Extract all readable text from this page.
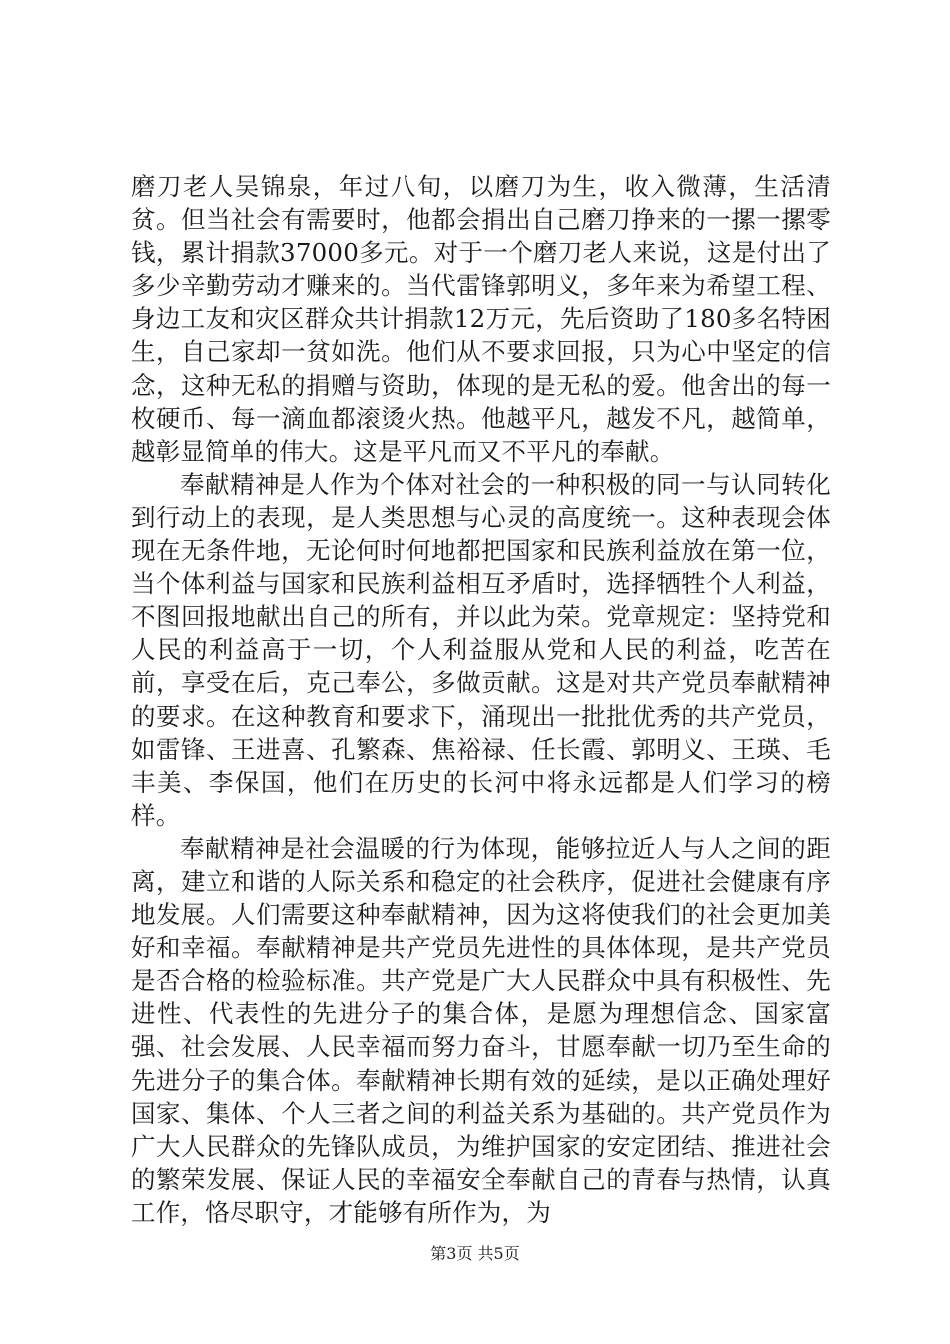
磨刀老人吴锦泉，年过八旬，以磨刀为生，收入微薄，生活清贫。但当社会有需要时，他都会捐出自己磨刀挣来的一摞一摞零钱，累计捐款37000多元。对于一个磨刀老人来说，这是付出了多少辛勤劳动才赚来的。当代雷锋郭明义，多年来为希望工程、身边工友和灾区群众共计捐款12万元，先后资助了180多名特困生，自己家却一贫如洗。他们从不要求回报，只为心中坚定的信念，这种无私的捐赠与资助，体现的是无私的爱。他舍出的每一枚硬币、每一滴血都滚烫火热。他越平凡，越发不凡，越简单，越彰显简单的伟大。这是平凡而又不平凡的奉献。

奉献精神是人作为个体对社会的一种积极的同一与认同转化到行动上的表现，是人类思想与心灵的高度统一。这种表现会体现在无条件地，无论何时何地都把国家和民族利益放在第一位，当个体利益与国家和民族利益相互矛盾时，选择牺牲个人利益，不图回报地献出自己的所有，并以此为荣。党章规定：坚持党和人民的利益高于一切，个人利益服从党和人民的利益，吃苦在前，享受在后，克己奉公，多做贡献。这是对共产党员奉献精神的要求。在这种教育和要求下，涌现出一批批优秀的共产党员，如雷锋、王进喜、孔繁森、焦裕禄、任长霞、郭明义、王瑛、毛丰美、李保国，他们在历史的长河中将永远都是人们学习的榜样。

奉献精神是社会温暖的行为体现，能够拉近人与人之间的距离，建立和谐的人际关系和稳定的社会秩序，促进社会健康有序地发展。人们需要这种奉献精神，因为这将使我们的社会更加美好和幸福。奉献精神是共产党员先进性的具体体现，是共产党员是否合格的检验标准。共产党是广大人民群众中具有积极性、先进性、代表性的先进分子的集合体，是愿为理想信念、国家富强、社会发展、人民幸福而努力奋斗，甘愿奉献一切乃至生命的先进分子的集合体。奉献精神长期有效的延续，是以正确处理好国家、集体、个人三者之间的利益关系为基础的。共产党员作为广大人民群众的先锋队成员，为维护国家的安定团结、推进社会的繁荣发展、保证人民的幸福安全奉献自己的青春与热情，认真工作，恪尽职守，才能够有所作为，为

第3页 共5页
